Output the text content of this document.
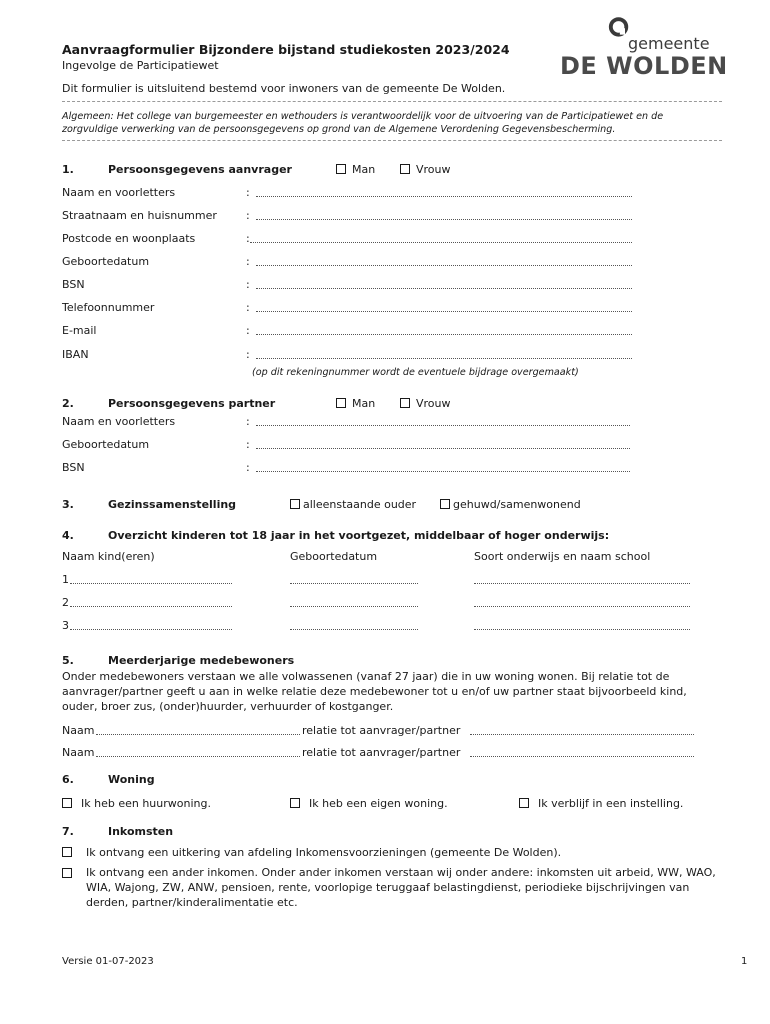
Aanvraagformulier Bijzondere bijstand studiekosten 2023/2024
Ingevolge de Participatiewet
Dit formulier is uitsluitend bestemd voor inwoners van de gemeente De Wolden.
Algemeen: Het college van burgemeester en wethouders is verantwoordelijk voor de uitvoering van de Participatiewet en de zorgvuldige verwerking van de persoonsgegevens op grond van de Algemene Verordening Gegevensbescherming.
gemeente
DE WOLDEN
1.	Persoonsgegevens aanvrager	Man	Vrouw
Naam en voorletters	:
Straatnaam en huisnummer	:
Postcode en woonplaats	:
Geboortedatum	:
BSN	:
Telefoonnummer	:
E-mail	:
IBAN	:
(op dit rekeningnummer wordt de eventuele bijdrage overgemaakt)
2.	Persoonsgegevens partner	Man	Vrouw
Naam en voorletters	:
Geboortedatum	:
BSN	:
3.	Gezinssamenstelling	alleenstaande ouder	gehuwd/samenwonend
4.	Overzicht kinderen tot 18 jaar in het voortgezet, middelbaar of hoger onderwijs:
Naam kind(eren)	Geboortedatum	Soort onderwijs en naam school
1
2
3
5.	Meerderjarige medebewoners
Onder medebewoners verstaan we alle volwassenen (vanaf 27 jaar) die in uw woning wonen. Bij relatie tot de aanvrager/partner geeft u aan in welke relatie deze medebewoner tot u en/of uw partner staat bijvoorbeeld kind, ouder, broer zus, (onder)huurder, verhuurder of kostganger.
Naam	relatie tot aanvrager/partner
Naam	relatie tot aanvrager/partner
6.	Woning
Ik heb een huurwoning.	Ik heb een eigen woning.	Ik verblijf in een instelling.
7.	Inkomsten
Ik ontvang een uitkering van afdeling Inkomensvoorzieningen (gemeente De Wolden).
Ik ontvang een ander inkomen. Onder ander inkomen verstaan wij onder andere: inkomsten uit arbeid, WW, WAO, WIA, Wajong, ZW, ANW, pensioen, rente, voorlopige teruggaaf belastingdienst, periodieke bijschrijvingen van derden, partner/kinderalimentatie etc.
Versie 01-07-2023	1
